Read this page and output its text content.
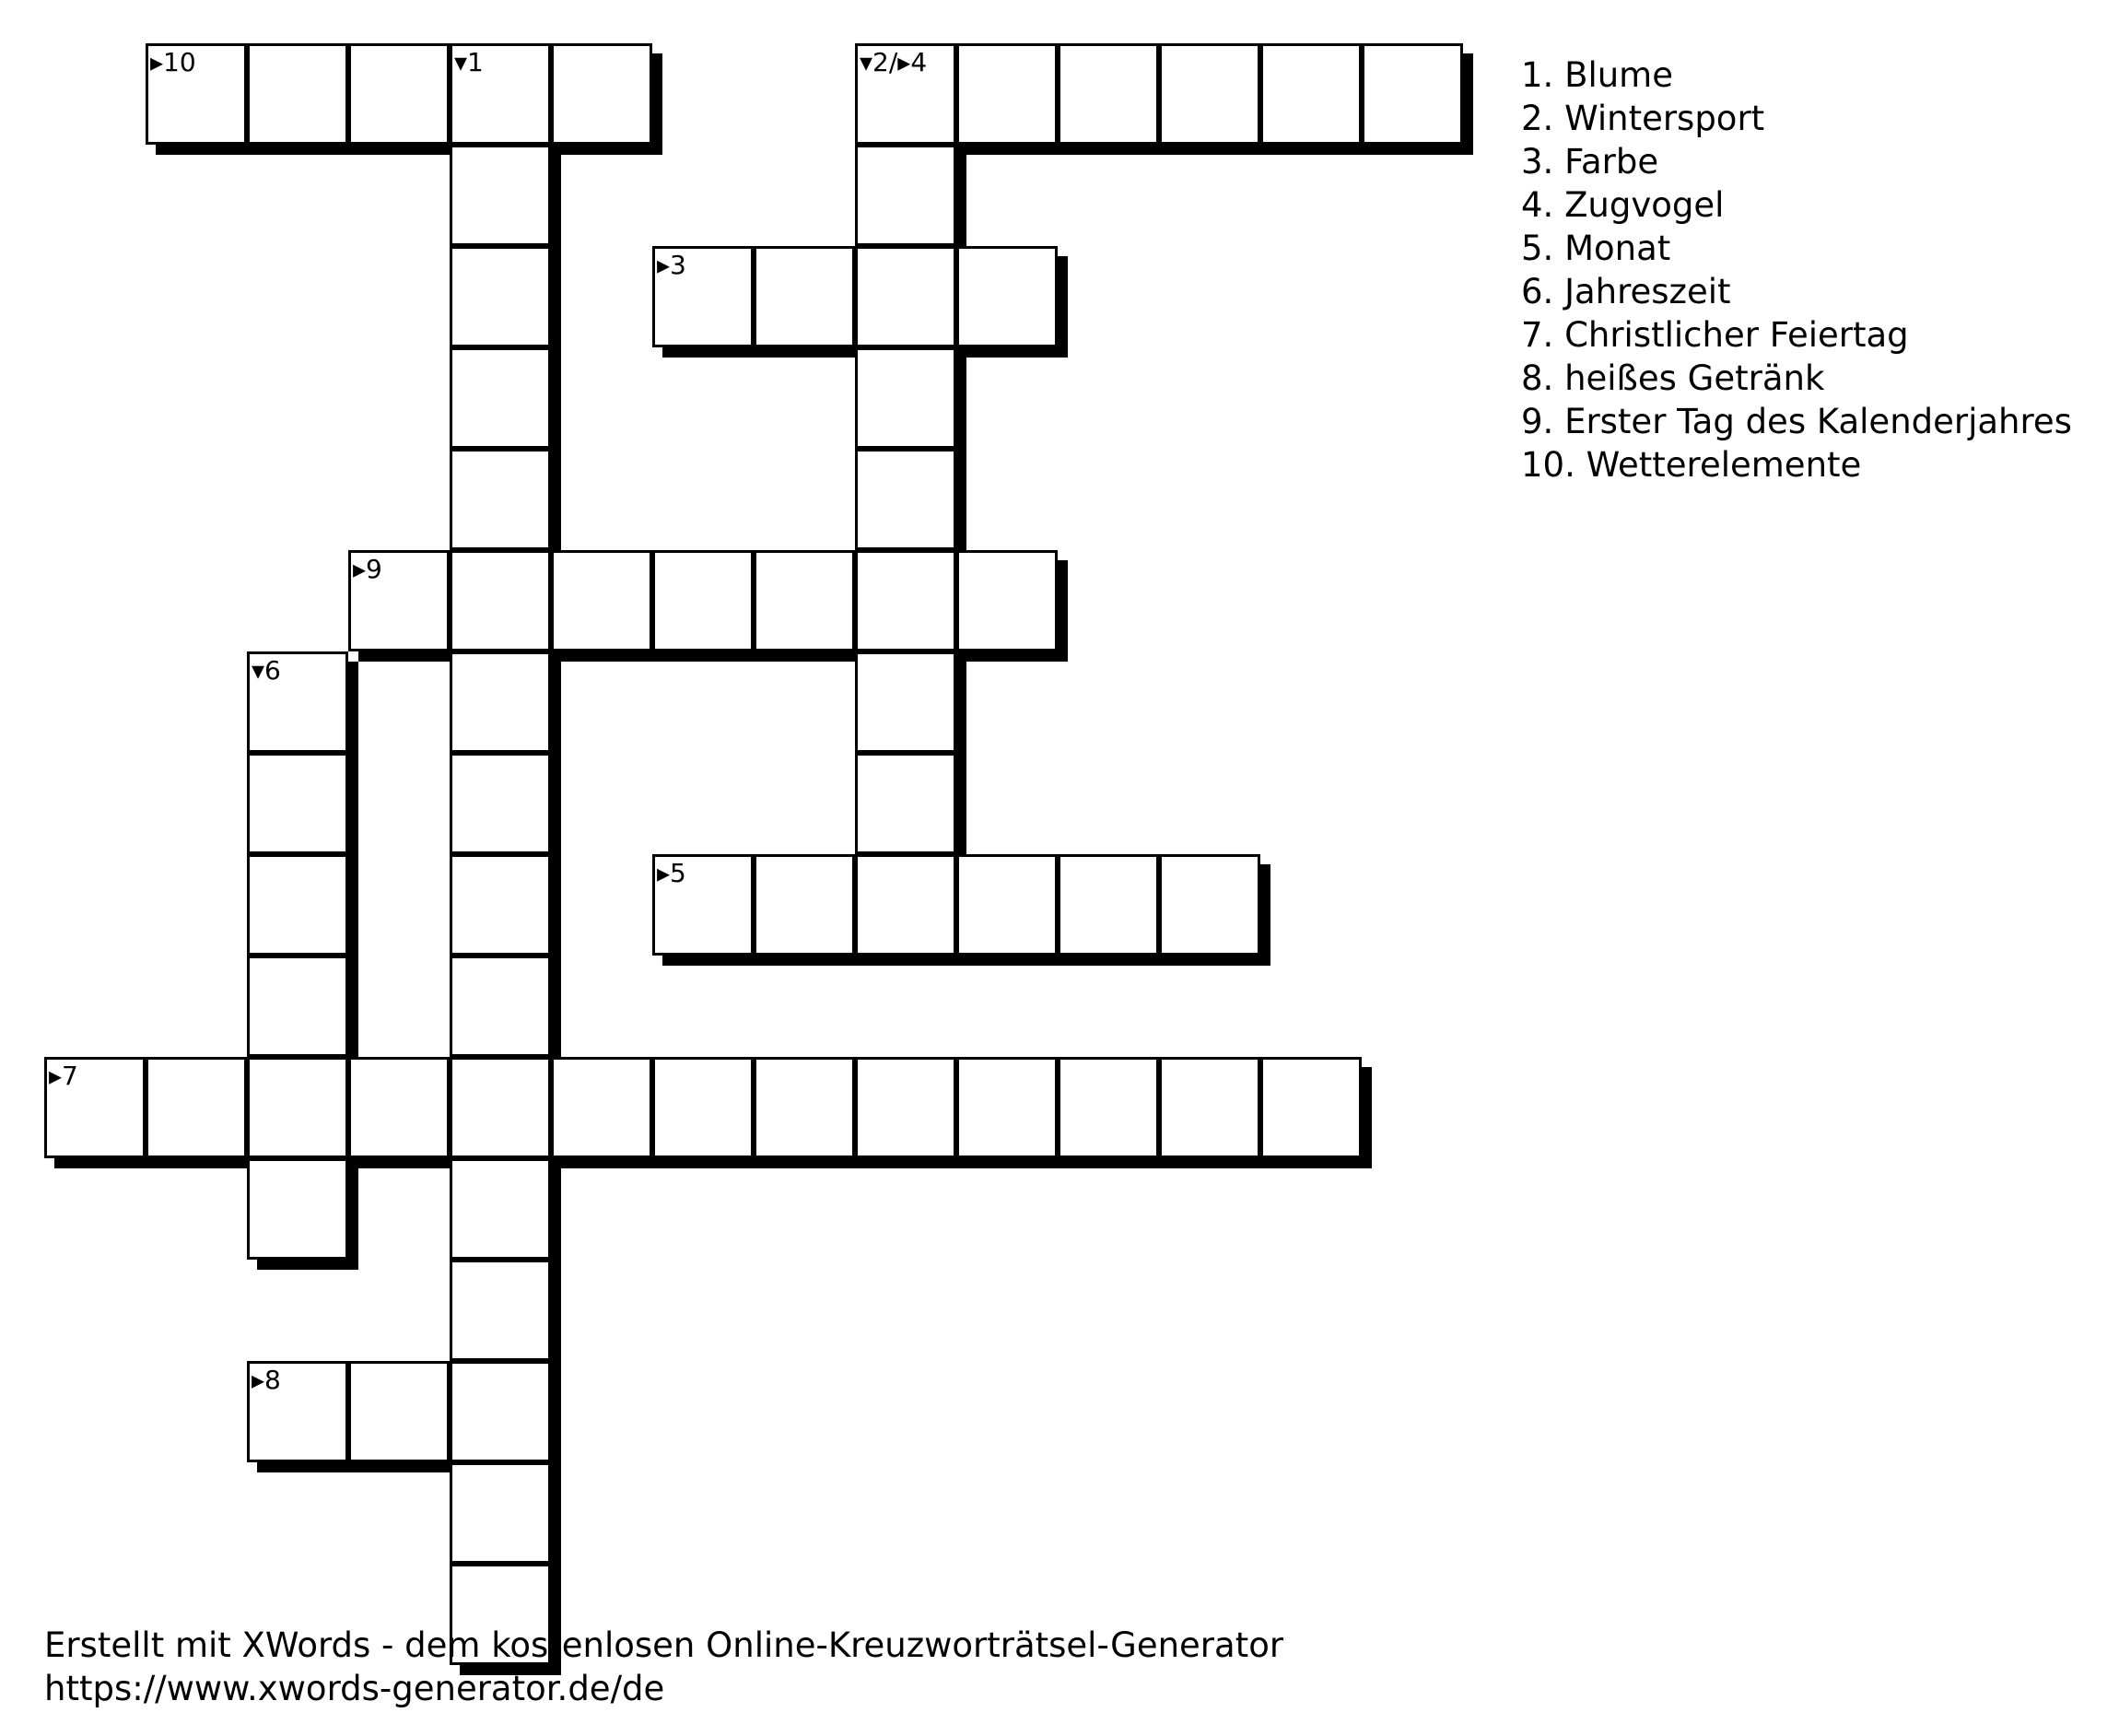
▾1	▾2/▸4
▸3
▸5
▾6
▸7
▸8
▸9
▸10	1. Blume
2. Wintersport
3. Farbe
4. Zugvogel
5. Monat
6. Jahreszeit
7. Christlicher Feiertag
8. heißes Getränk
9. Erster Tag des Kalenderjahres
10. Wetterelemente
Erstellt mit XWords - dem kostenlosen Online-Kreuzworträtsel-Generator
https://www.xwords-generator.de/de
